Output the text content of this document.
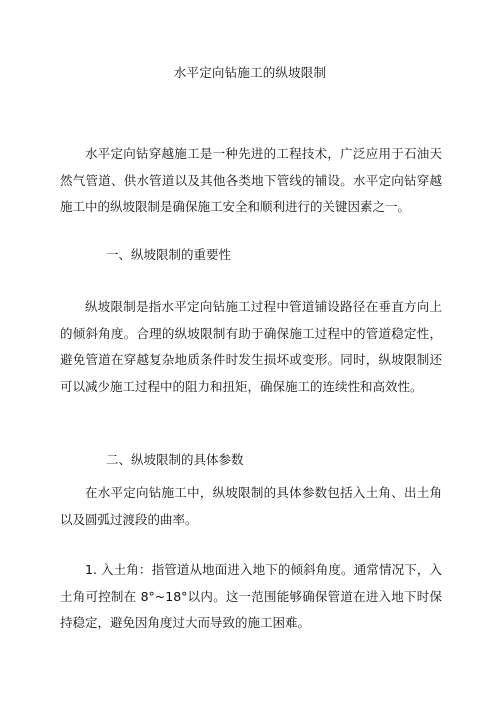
水平定向钻施工的纵坡限制

水平定向钻穿越施工是一种先进的工程技术，广泛应用于石油天然气管道、供水管道以及其他各类地下管线的铺设。水平定向钻穿越施工中的纵坡限制是确保施工安全和顺利进行的关键因素之一。

一、纵坡限制的重要性

纵坡限制是指水平定向钻施工过程中管道铺设路径在垂直方向上的倾斜角度。合理的纵坡限制有助于确保施工过程中的管道稳定性，避免管道在穿越复杂地质条件时发生损坏或变形。同时，纵坡限制还可以减少施工过程中的阻力和扭矩，确保施工的连续性和高效性。

二、纵坡限制的具体参数

在水平定向钻施工中，纵坡限制的具体参数包括入土角、出土角以及圆弧过渡段的曲率。

1. 入土角：指管道从地面进入地下的倾斜角度。通常情况下，入土角可控制在 8°~18°以内。这一范围能够确保管道在进入地下时保持稳定，避免因角度过大而导致的施工困难。
